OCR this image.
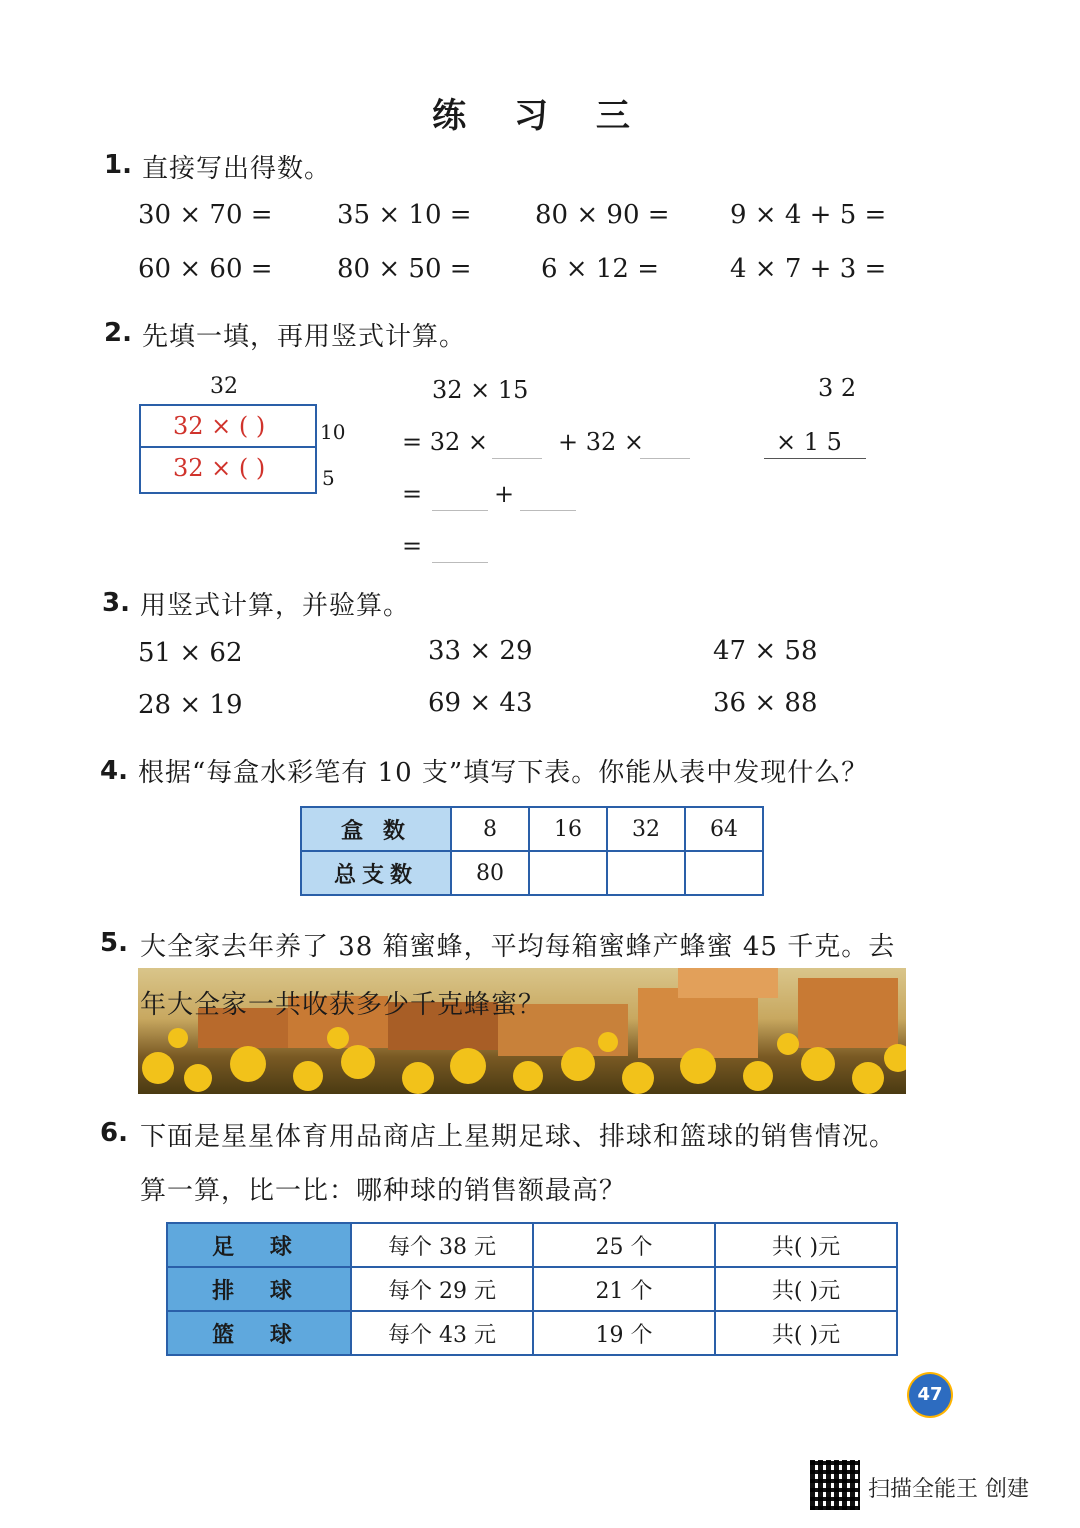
练 习 三
1. 直接写出得数。
30 × 70 = 35 × 10 = 80 × 90 = 9 × 4 + 5 =
60 × 60 = 80 × 50 =	6 × 12 =	4 × 7 + 3 =
2. 先填一填，再用竖式计算。
32
32 × ( )
32 × ( )
10
5
32 × 15
= 32 ×	+ 32 ×
=	+
=
3 2
× 1 5
3. 用竖式计算，并验算。
51 × 62	33 × 29	47 × 58
28 × 19	69 × 43	36 × 88
4. 根据“每盒水彩笔有 10 支”填写下表。你能从表中发现什么？
盒 数	8	16	32	64
总支数	80			
5. 大全家去年养了 38 箱蜜蜂，平均每箱蜜蜂产蜂蜜 45 千克。去
年大全家一共收获多少千克蜂蜜？
6. 下面是星星体育用品商店上星期足球、排球和篮球的销售情况。
算一算，比一比：哪种球的销售额最高？
足 球	每个 38 元	25 个	共( )元
排 球	每个 29 元	21 个	共( )元
篮 球	每个 43 元	19 个	共( )元
47
扫描全能王 创建
